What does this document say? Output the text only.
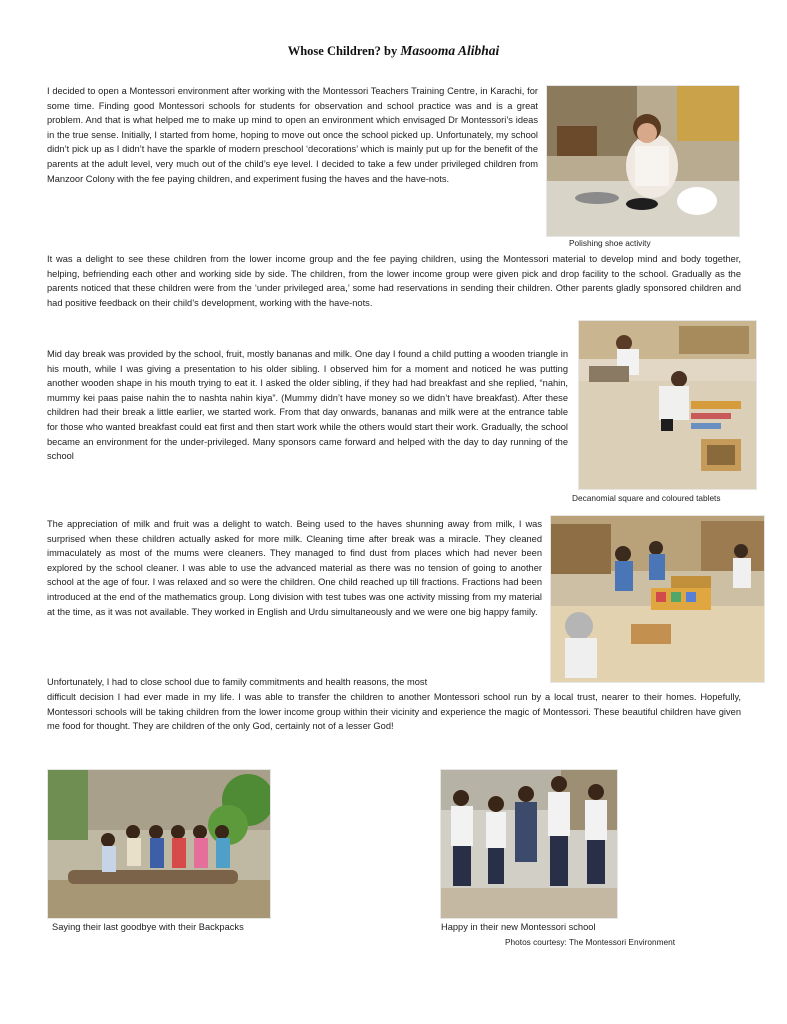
Whose Children? by Masooma Alibhai

I decided to open a Montessori environment after working with the Montessori Teachers Training Centre, in Karachi, for some time. Finding good Montessori schools for students for observation and school practice was and is a great problem. And that is what helped me to make up mind to open an environment which envisaged Dr Montessori’s ideas in the true sense. Initially, I started from home, hoping to move out once the school picked up. Unfortunately, my school didn’t pick up as I didn’t have the sparkle of modern preschool ‘decorations’ which is mainly put up for the benefit of the parents at the adult level, very much out of the child’s eye level. I decided to take a few under privileged children from Manzoor Colony with the fee paying children, and experiment fusing the haves and the have-nots.

Polishing shoe activity

It was a delight to see these children from the lower income group and the fee paying children, using the Montessori material to develop mind and body together, helping, befriending each other and working side by side. The children, from the lower income group were given pick and drop facility to the school. Gradually as the parents noticed that these children were from the ‘under privileged area,’ some had reservations in sending their children. Other parents gladly sponsored children and had positive feedback on their child’s development, working with the have-nots.

Decanomial square and coloured tablets

Mid day break was provided by the school, fruit, mostly bananas and milk. One day I found a child putting a wooden triangle in his mouth, while I was giving a presentation to his older sibling. I observed him for a moment and noticed he was putting another wooden shape in his mouth trying to eat it. I asked the older sibling, if they had had breakfast and she replied, “nahin, mummy kei paas paise nahin the to nashta nahin kiya”. (Mummy didn’t have money so we didn’t have breakfast). After these children had their break a little earlier, we started work. From that day onwards, bananas and milk were at the entrance table for those who wanted breakfast could eat first and then start work while the others would start their work. Gradually, the school became an environment for the under-privileged. Many sponsors came forward and helped with the day to day running of the school

The appreciation of milk and fruit was a delight to watch. Being used to the haves shunning away from milk, I was surprised when these children actually asked for more milk. Cleaning time after break was a miracle. They cleaned immaculately as most of the mums were cleaners. They managed to find dust from places which had never been explored by the school cleaner. I was able to use the advanced material as there was no tension of going to another school at the age of four. I was relaxed and so were the children. One child reached up till fractions. Fractions had been introduced at the end of the mathematics group. Long division with test tubes was one activity missing from my material at the time, as it was not available. They worked in English and Urdu simultaneously and we were one big happy family.

Unfortunately, I had to close school due to family commitments and health reasons, the most

difficult decision I had ever made in my life. I was able to transfer the children to another Montessori school run by a local trust, nearer to their homes. Hopefully, Montessori schools will be taking children from the lower income group within their vicinity and experience the magic of Montessori. These beautiful children have given me food for thought. They are children of the only God, certainly not of a lesser God!

Saying their last goodbye with their Backpacks	Happy in their new Montessori school
Photos courtesy: The Montessori Environment
